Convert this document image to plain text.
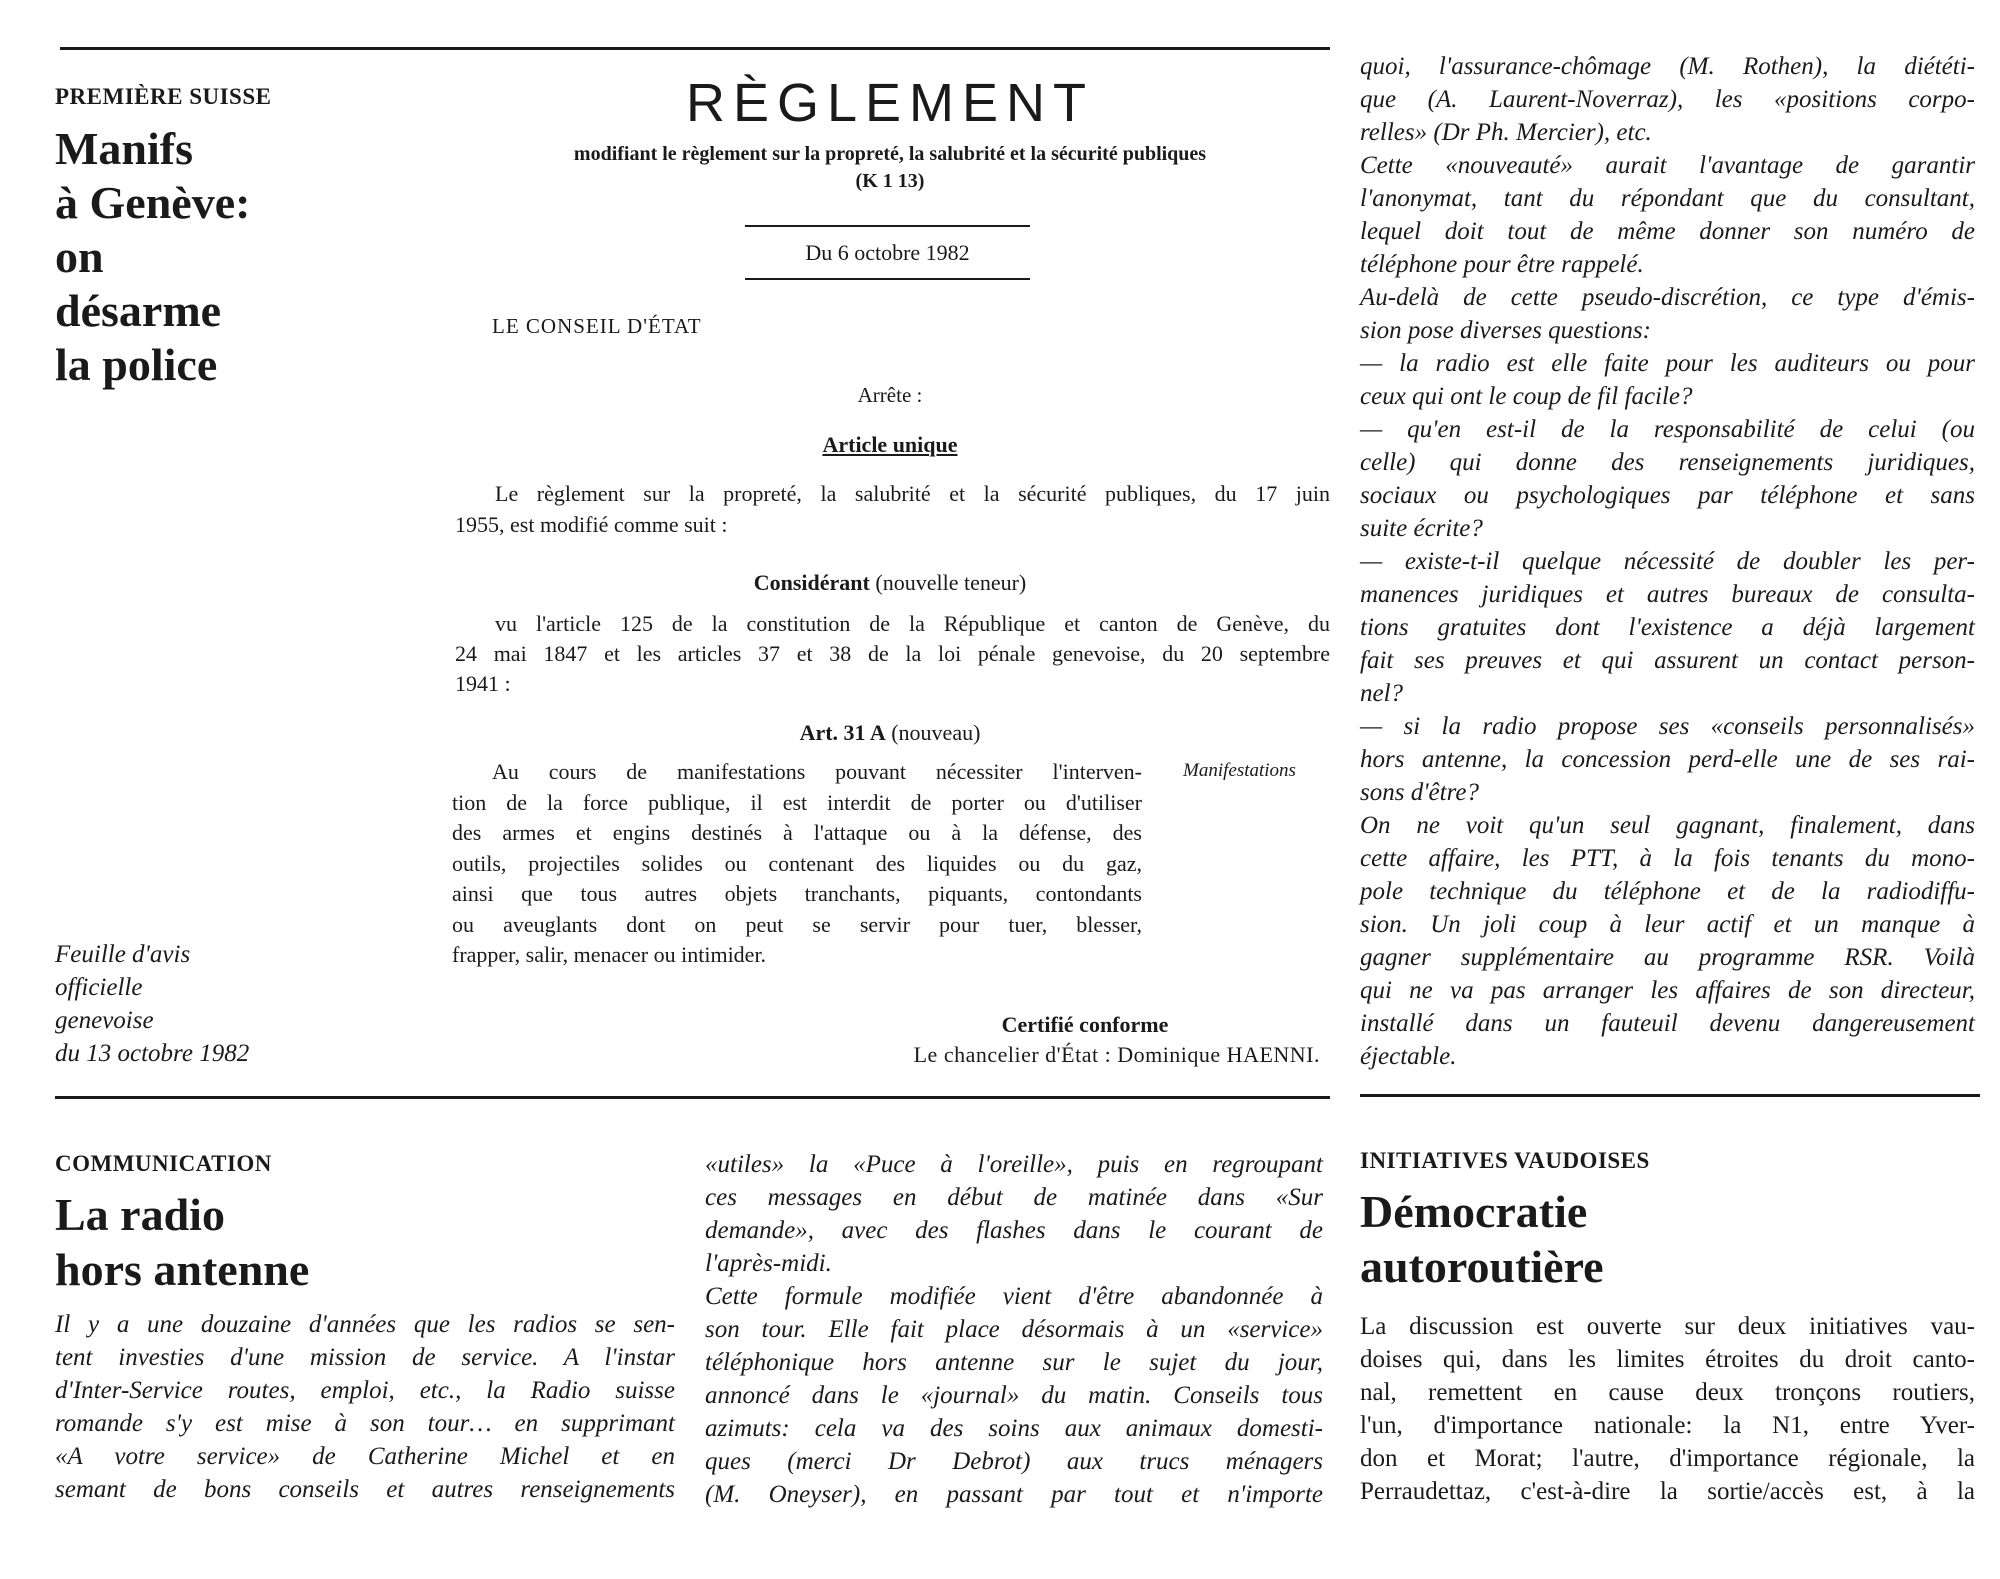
PREMIÈRE SUISSE
Manifs
à Genève:
on
désarme
la police
Feuille d'avis
officielle
genevoise
du 13 octobre 1982
RÈGLEMENT
modifiant le règlement sur la propreté, la salubrité et la sécurité publiques
(K 1 13)
Du 6 octobre 1982
LE CONSEIL D'ÉTAT
Arrête :
Article unique
Le règlement sur la propreté, la salubrité et la sécurité publiques, du 17 juin
1955, est modifié comme suit :
Considérant (nouvelle teneur)
vu l'article 125 de la constitution de la République et canton de Genève, du
24 mai 1847 et les articles 37 et 38 de la loi pénale genevoise, du 20 septembre
1941 :
Art. 31 A (nouveau)
Au cours de manifestations pouvant nécessiter l'interven-
tion de la force publique, il est interdit de porter ou d'utiliser
des armes et engins destinés à l'attaque ou à la défense, des
outils, projectiles solides ou contenant des liquides ou du gaz,
ainsi que tous autres objets tranchants, piquants, contondants
ou aveuglants dont on peut se servir pour tuer, blesser,
frapper, salir, menacer ou intimider.
Manifestations
Certifié conforme
Le chancelier d'État : Dominique HAENNI.
quoi, l'assurance-chômage (M. Rothen), la diététi-
que (A. Laurent-Noverraz), les «positions corpo-
relles» (Dr Ph. Mercier), etc.
Cette «nouveauté» aurait l'avantage de garantir
l'anonymat, tant du répondant que du consultant,
lequel doit tout de même donner son numéro de
téléphone pour être rappelé.
Au-delà de cette pseudo-discrétion, ce type d'émis-
sion pose diverses questions:
— la radio est elle faite pour les auditeurs ou pour
ceux qui ont le coup de fil facile?
— qu'en est-il de la responsabilité de celui (ou
celle) qui donne des renseignements juridiques,
sociaux ou psychologiques par téléphone et sans
suite écrite?
— existe-t-il quelque nécessité de doubler les per-
manences juridiques et autres bureaux de consulta-
tions gratuites dont l'existence a déjà largement
fait ses preuves et qui assurent un contact person-
nel?
— si la radio propose ses «conseils personnalisés»
hors antenne, la concession perd-elle une de ses rai-
sons d'être?
On ne voit qu'un seul gagnant, finalement, dans
cette affaire, les PTT, à la fois tenants du mono-
pole technique du téléphone et de la radiodiffu-
sion. Un joli coup à leur actif et un manque à
gagner supplémentaire au programme RSR. Voilà
qui ne va pas arranger les affaires de son directeur,
installé dans un fauteuil devenu dangereusement
éjectable.
COMMUNICATION
La radio
hors antenne
Il y a une douzaine d'années que les radios se sen-
tent investies d'une mission de service. A l'instar
d'Inter-Service routes, emploi, etc., la Radio suisse
romande s'y est mise à son tour… en supprimant
«A votre service» de Catherine Michel et en
semant de bons conseils et autres renseignements
«utiles» la «Puce à l'oreille», puis en regroupant
ces messages en début de matinée dans «Sur
demande», avec des flashes dans le courant de
l'après-midi.
Cette formule modifiée vient d'être abandonnée à
son tour. Elle fait place désormais à un «service»
téléphonique hors antenne sur le sujet du jour,
annoncé dans le «journal» du matin. Conseils tous
azimuts: cela va des soins aux animaux domesti-
ques (merci Dr Debrot) aux trucs ménagers
(M. Oneyser), en passant par tout et n'importe
INITIATIVES VAUDOISES
Démocratie
autoroutière
La discussion est ouverte sur deux initiatives vau-
doises qui, dans les limites étroites du droit canto-
nal, remettent en cause deux tronçons routiers,
l'un, d'importance nationale: la N1, entre Yver-
don et Morat; l'autre, d'importance régionale, la
Perraudettaz, c'est-à-dire la sortie/accès est, à la
